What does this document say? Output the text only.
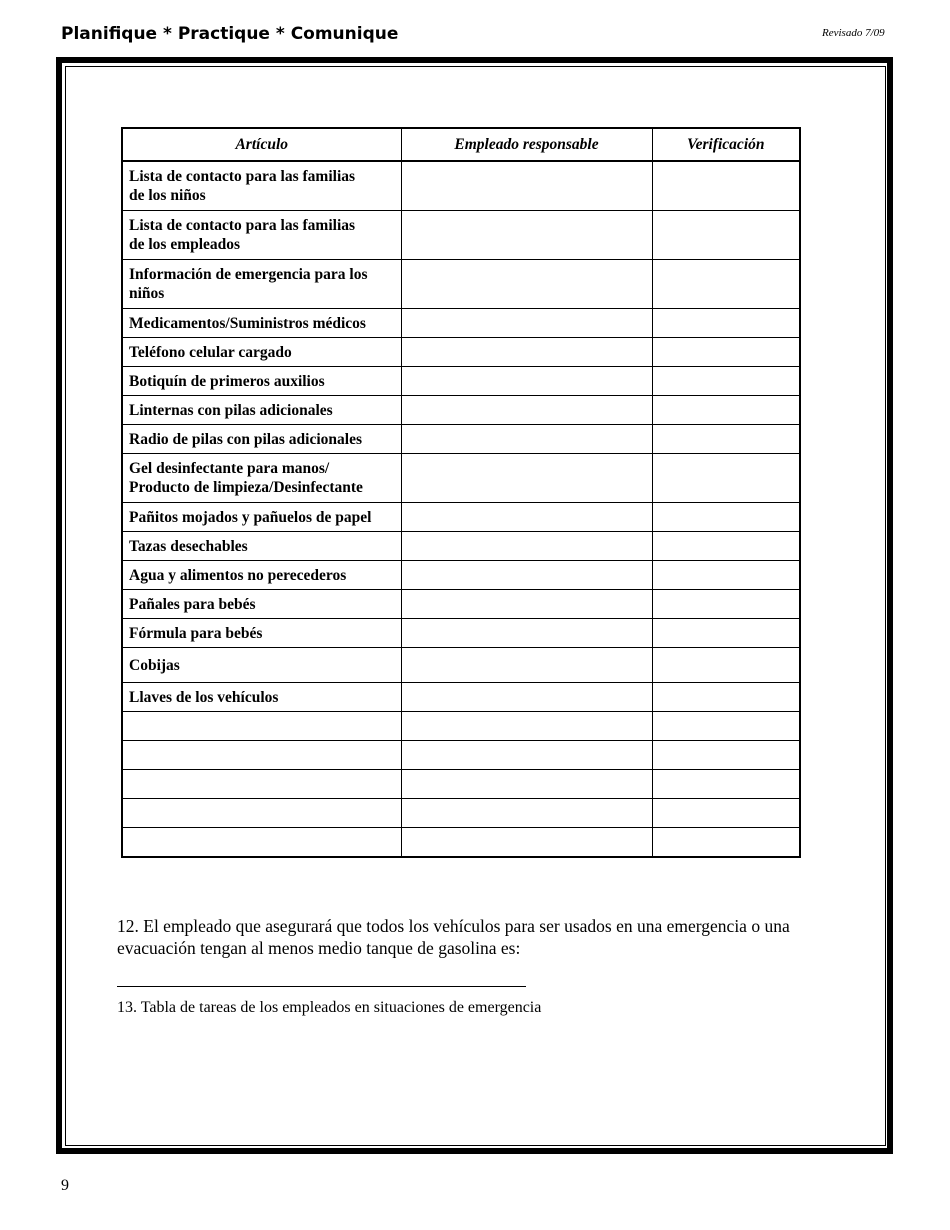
Planifique * Practique * Comunique	Revisado 7/09
Artículo	Empleado responsable	Verificación
Lista de contacto para las familias
de los niños		
Lista de contacto para las familias
de los empleados		
Información de emergencia para los
niños		
Medicamentos/Suministros médicos		
Teléfono celular cargado		
Botiquín de primeros auxilios		
Linternas con pilas adicionales		
Radio de pilas con pilas adicionales		
Gel desinfectante para manos/
Producto de limpieza/Desinfectante		
Pañitos mojados y pañuelos de papel		
Tazas desechables		
Agua y alimentos no perecederos		
Pañales para bebés		
Fórmula para bebés		
Cobijas		
Llaves de los vehículos		

12. El empleado que asegurará que todos los vehículos para ser usados en una emergencia o una evacuación tengan al menos medio tanque de gasolina es:
13. Tabla de tareas de los empleados en situaciones de emergencia
9
